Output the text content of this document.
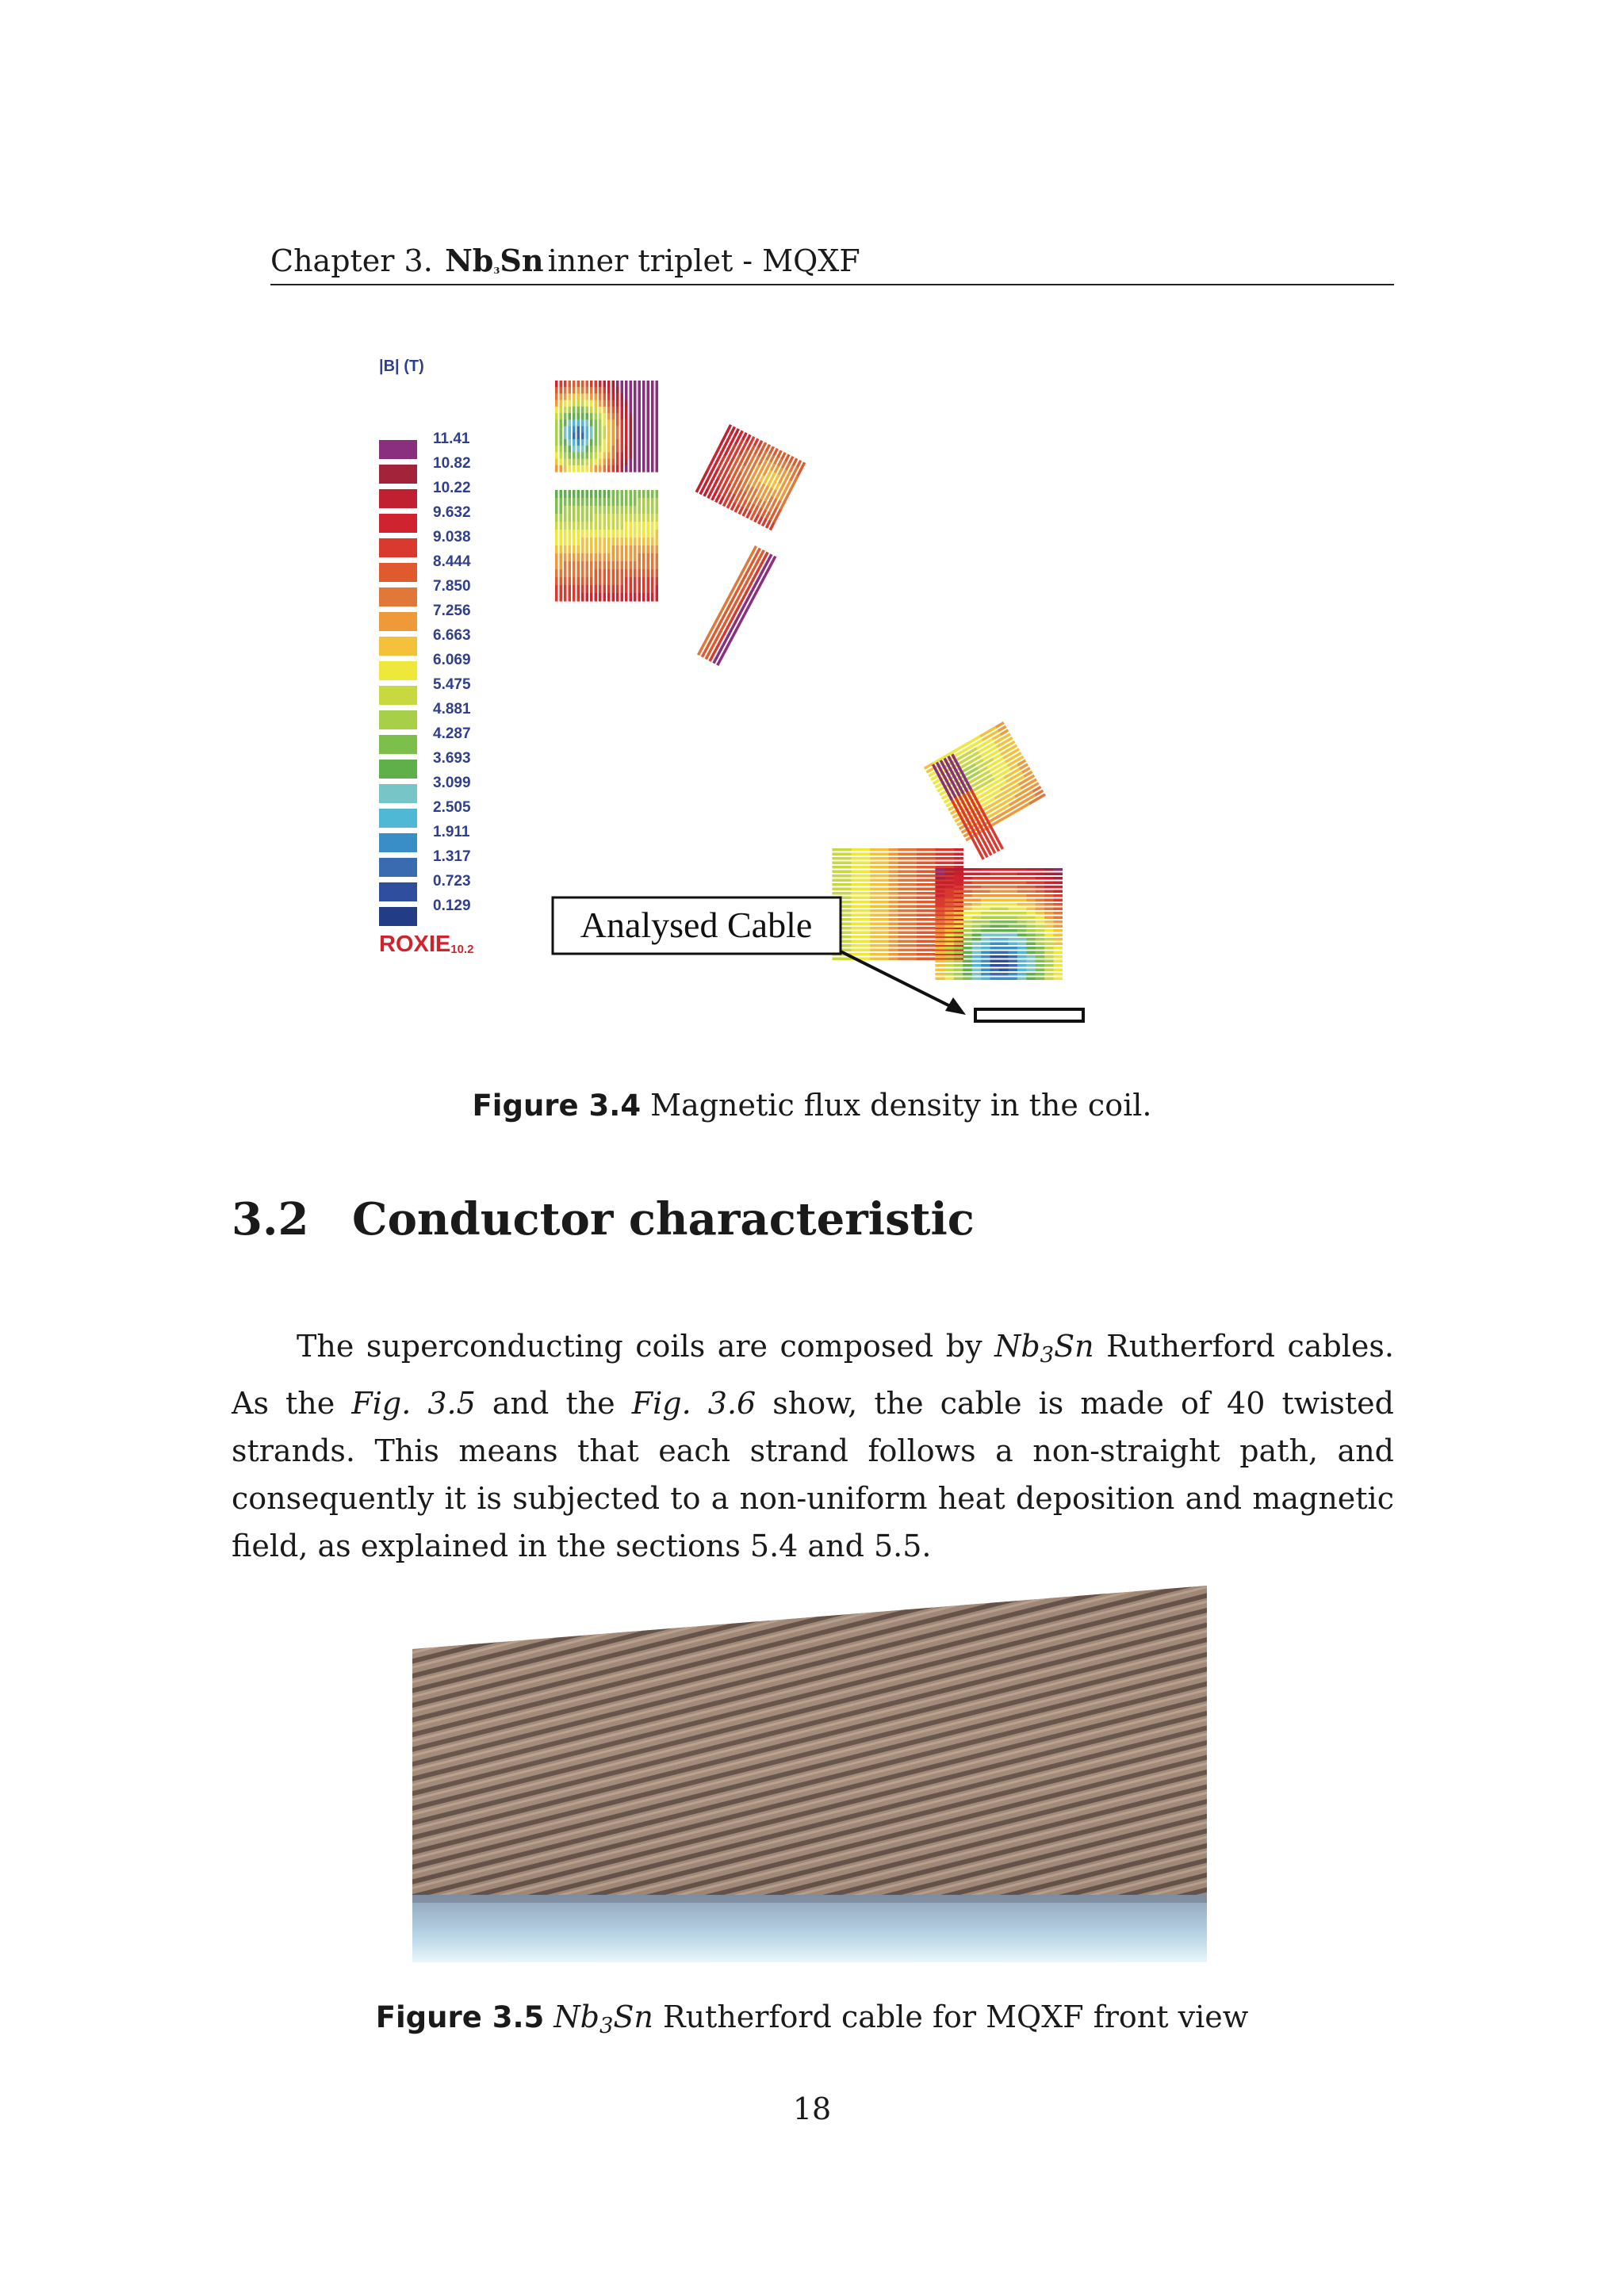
Chapter 3. $Nb_3Sn$ inner triplet - MQXF
|B| (T)
11.41
10.82
10.22
9.632
9.038
8.444
7.850
7.256
6.663
6.069
5.475
4.881
4.287
3.693
3.099
2.505
1.911
1.317
0.723
0.129
ROXIE10.2
Analysed Cable
Figure 3.4 Magnetic flux density in the coil.
3.2 Conductor characteristic

The superconducting coils are composed by $Nb_3Sn$ Rutherford cables. As the Fig. 3.5 and the Fig. 3.6 show, the cable is made of 40 twisted strands. This means that each strand follows a non-straight path, and consequently it is subjected to a non-uniform heat deposition and magnetic field, as explained in the sections 5.4 and 5.5.

Figure 3.5 $Nb_3Sn$ Rutherford cable for MQXF front view
18
